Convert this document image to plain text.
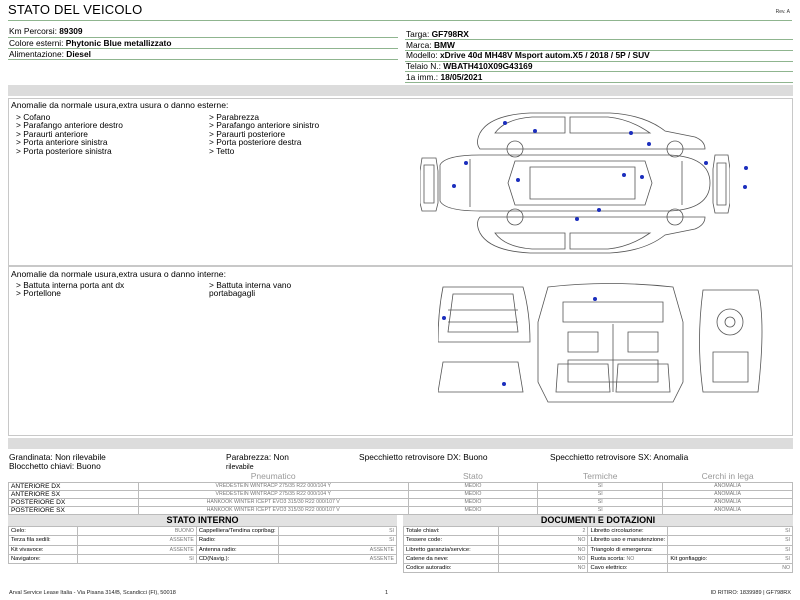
STATO DEL VEICOLO	Rev. A
Km Percorsi: 89309
Colore esterni: Phytonic Blue metallizzato
Alimentazione: Diesel
Targa: GF798RX
Marca: BMW
Modello: xDrive 40d MH48V Msport autom.X5 / 2018 / 5P / SUV
Telaio N.: WBATH410X09G43169
1a imm.: 18/05/2021
Anomalie da normale usura,extra usura o danno esterne:
> Cofano
> Parafango anteriore destro
> Paraurti anteriore
> Porta anteriore sinistra
> Porta posteriore sinistra
> Parabrezza
> Parafango anteriore sinistro
> Paraurti posteriore
> Porta posteriore destra
> Tetto
Anomalie da normale usura,extra usura o danno interne:
> Battuta interna porta ant dx
> Portellone
> Battuta interna vano
portabagagli
Grandinata: Non rilevabile	Parabrezza: Non
rilevabile
Specchietto retrovisore DX: Buono	Specchietto retrovisore SX: Anomalia
Blocchetto chiavi: Buono
	Pneumatico	Stato	Termiche	Cerchi in lega
ANTERIORE DX	VREDESTEIN WINTRACP 275/35 R22 000/104 Y	MEDIO	SI	ANOMALIA
ANTERIORE SX	VREDESTEIN WINTRACP 275/35 R22 000/104 Y	MEDIO	SI	ANOMALIA
POSTERIORE DX	HANKOOK WINTER ICEPT EVO3 315/30 R22 000/107 V	MEDIO	SI	ANOMALIA
POSTERIORE SX	HANKOOK WINTER ICEPT EVO3 315/30 R22 000/107 V	MEDIO	SI	ANOMALIA
STATO INTERNO
Cielo:	BUONO	Cappelliera/Tendina copribag:	SI
Terza fila sedili:	ASSENTE	Radio:	SI
Kit vivavoce:	ASSENTE	Antenna radio:	ASSENTE
Navigatore:	SI	CD(Navig.):	ASSENTE
DOCUMENTI E DOTAZIONI
Totale chiavi:	2	Libretto circolazione:	SI
Tessere code:	NO	Libretto uso e manutenzione:	SI
Libretto garanzia/service:	NO	Triangolo di emergenza:	SI
Catene da neve:	NO	Ruota scorta: NO	Kit gonfiaggio: SI

Codice autoradio:	NO	Cavo elettrico:	NO
Arval Service Lease Italia - Via Pisana 314/B, Scandicci (FI), 50018	1	ID RITIRO: 1839989 | GF798RX
